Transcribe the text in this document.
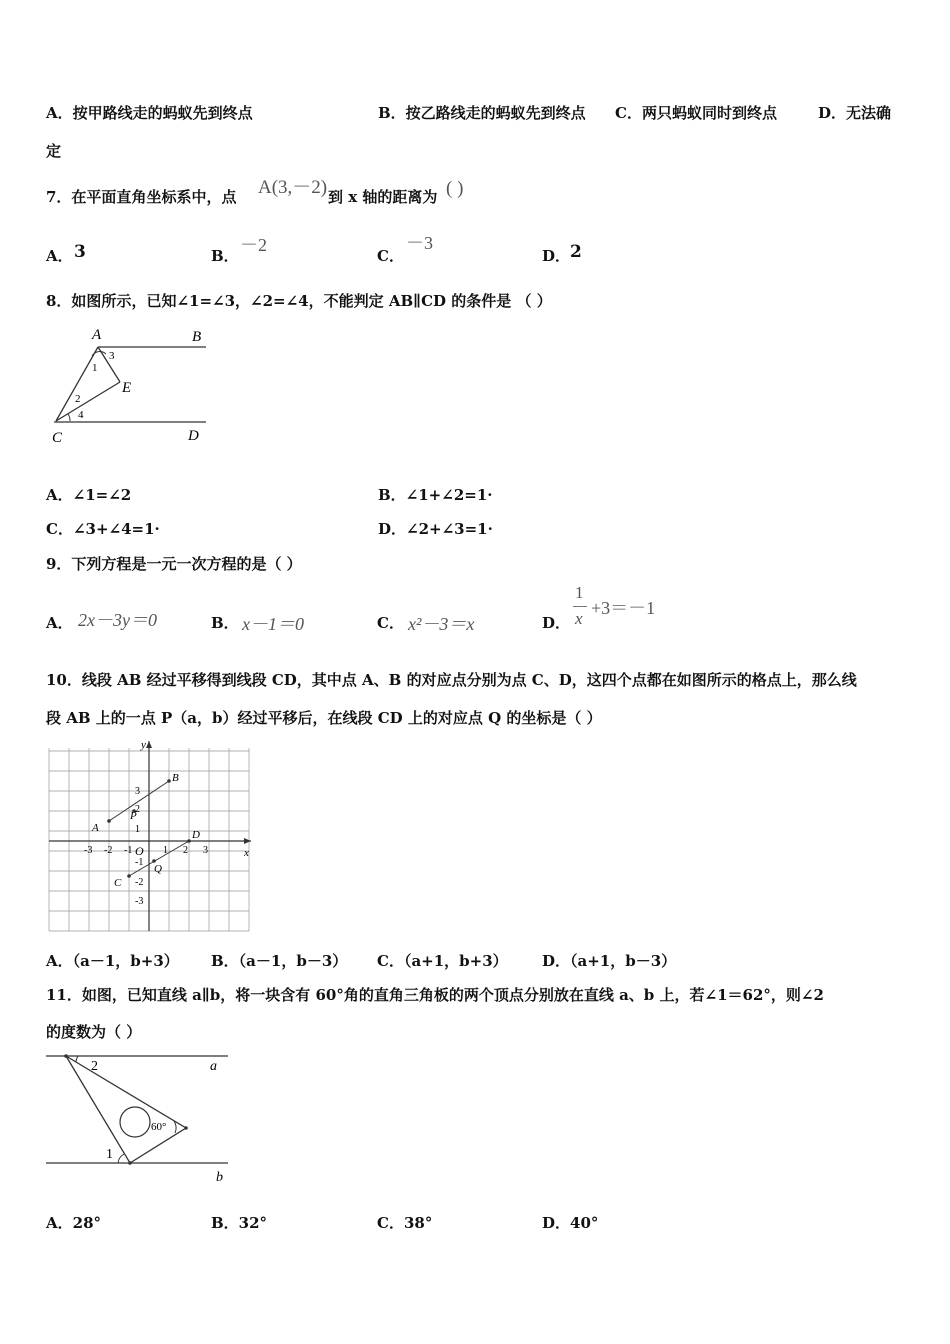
A．按甲路线走的蚂蚁先到终点	B．按乙路线走的蚂蚁先到终点 C．两只蚂蚁同时到终点	D．无法确
定
7．在平面直角坐标系中，点 A(3,－2) 到 x 轴的距离为 ( )
A． 3	B．
－2
C．
－3
D． 2
8．如图所示，已知∠1=∠3，∠2=∠4，不能判定 AB∥CD 的条件是 （ ）
A	B
C	D
E
1
2
3
4
A．∠1=∠2	B．∠1+∠2=1·
C．∠3+∠4=1·	D．∠2+∠3=1·
9．下列方程是一元一次方程的是（ ）
A． 2x－3y＝0	B． x－1＝0	C． x²－3＝x	D．
1
x
+3＝－1
10．线段 AB 经过平移得到线段 CD，其中点 A、B 的对应点分别为点 C、D，这四个点都在如图所示的格点上，那么线
段 AB 上的一点 P（a，b）经过平移后，在线段 CD 上的对应点 Q 的坐标是（ ）
x
y
O
A
B
C
D
P
Q
-3 -2 -1	1 2 3
3
2
1
-1
-2
-3
A．（a－1，b+3） B．（a－1，b－3） C．（a+1，b+3） D．（a+1，b－3）
11．如图，已知直线 a∥b，将一块含有 60°角的直角三角板的两个顶点分别放在直线 a、b 上，若∠1＝62°，则∠2
的度数为（ ）
2
1
60°
a
b
A．28°	B．32°	C．38°	D．40°
